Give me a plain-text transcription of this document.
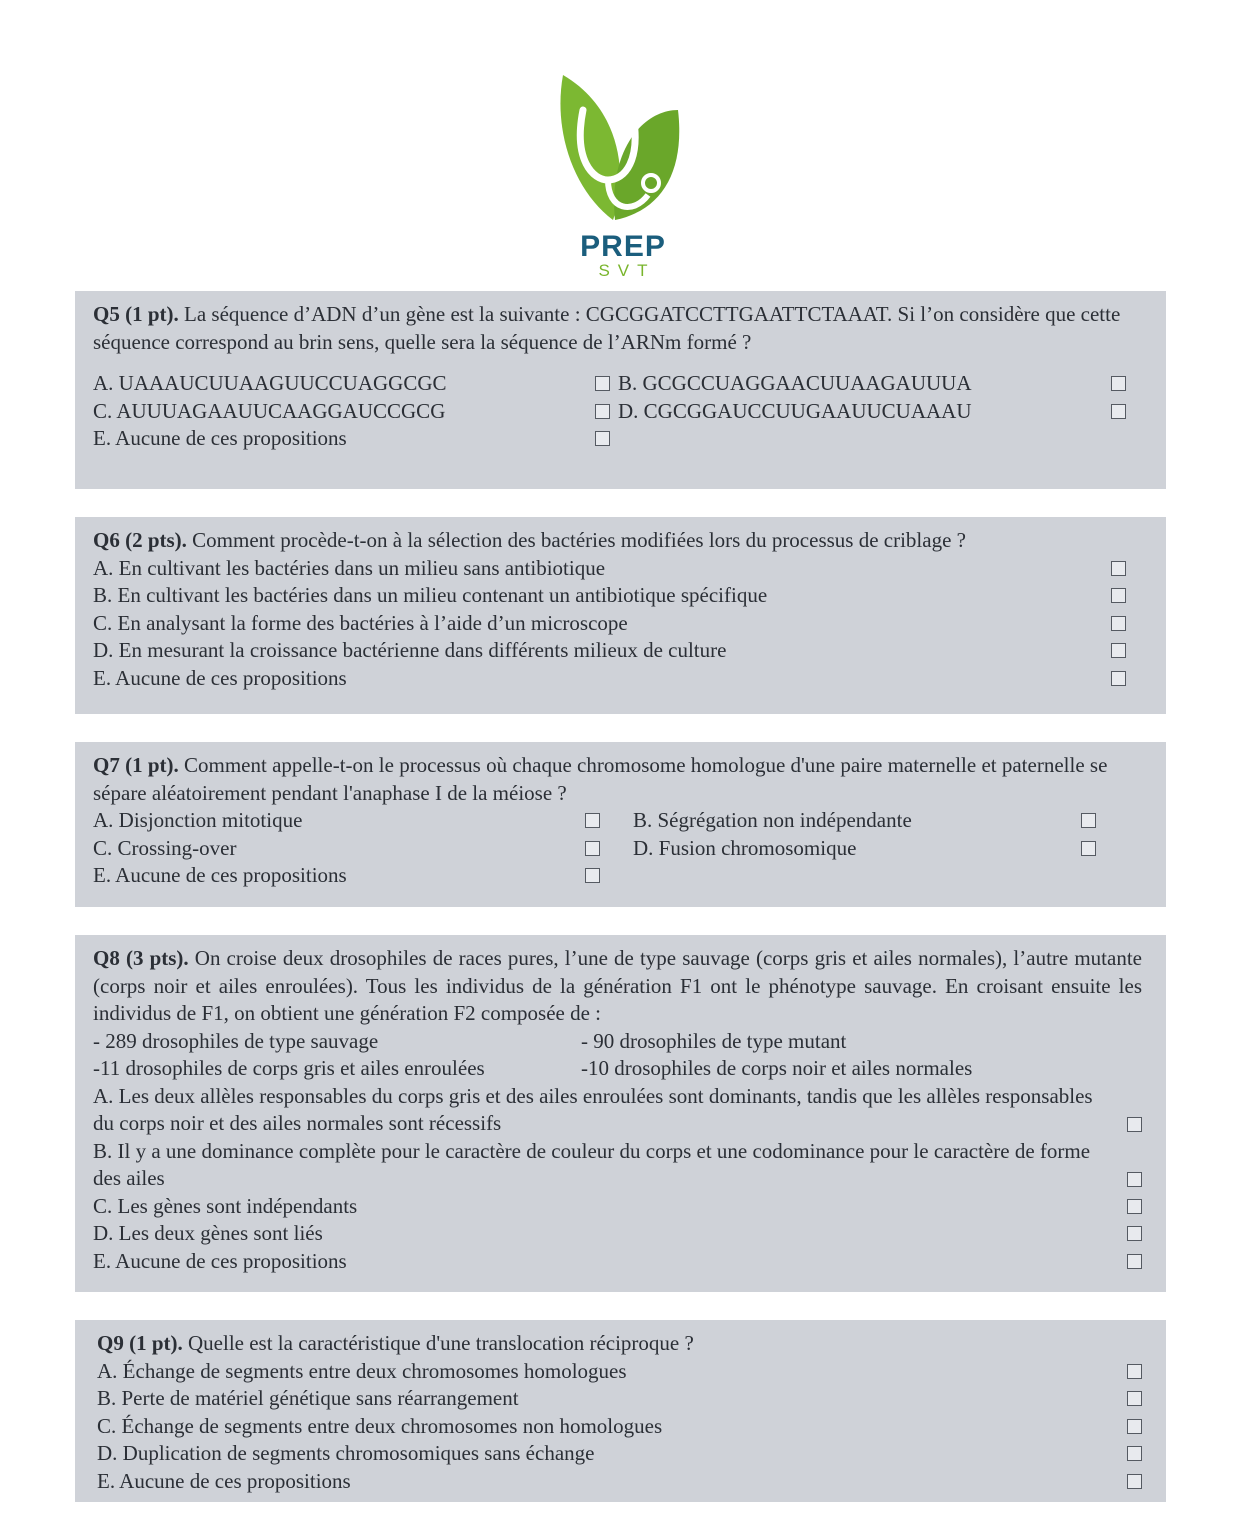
PREP
SVT
Q5 (1 pt). La séquence d’ADN d’un gène est la suivante : CGCGGATCCTTGAATTCTAAAT. Si l’on considère que cette séquence correspond au brin sens, quelle sera la séquence de l’ARNm formé ?
A. UAAAUCUUAAGUUCCUAGGCGC	B. GCGCCUAGGAACUUAAGAUUUA
C. AUUUAGAAUUCAAGGAUCCGCG	D. CGCGGAUCCUUGAAUUCUAAAU
E. Aucune de ces propositions
Q6 (2 pts). Comment procède-t-on à la sélection des bactéries modifiées lors du processus de criblage ?
A. En cultivant les bactéries dans un milieu sans antibiotique
B. En cultivant les bactéries dans un milieu contenant un antibiotique spécifique
C. En analysant la forme des bactéries à l’aide d’un microscope
D. En mesurant la croissance bactérienne dans différents milieux de culture
E. Aucune de ces propositions
Q7 (1 pt). Comment appelle-t-on le processus où chaque chromosome homologue d'une paire maternelle et paternelle se sépare aléatoirement pendant l'anaphase I de la méiose ?
A. Disjonction mitotique	B. Ségrégation non indépendante
C. Crossing-over	D. Fusion chromosomique
E. Aucune de ces propositions
Q8 (3 pts). On croise deux drosophiles de races pures, l’une de type sauvage (corps gris et ailes normales), l’autre mutante (corps noir et ailes enroulées). Tous les individus de la génération F1 ont le phénotype sauvage. En croisant ensuite les individus de F1, on obtient une génération F2 composée de :
- 289 drosophiles de type sauvage	- 90 drosophiles de type mutant
-11 drosophiles de corps gris et ailes enroulées	-10 drosophiles de corps noir et ailes normales
A. Les deux allèles responsables du corps gris et des ailes enroulées sont dominants, tandis que les allèles responsables du corps noir et des ailes normales sont récessifs
B. Il y a une dominance complète pour le caractère de couleur du corps et une codominance pour le caractère de forme des ailes
C. Les gènes sont indépendants
D. Les deux gènes sont liés
E. Aucune de ces propositions
Q9 (1 pt). Quelle est la caractéristique d'une translocation réciproque ?
A. Échange de segments entre deux chromosomes homologues
B. Perte de matériel génétique sans réarrangement
C. Échange de segments entre deux chromosomes non homologues
D. Duplication de segments chromosomiques sans échange
E. Aucune de ces propositions
